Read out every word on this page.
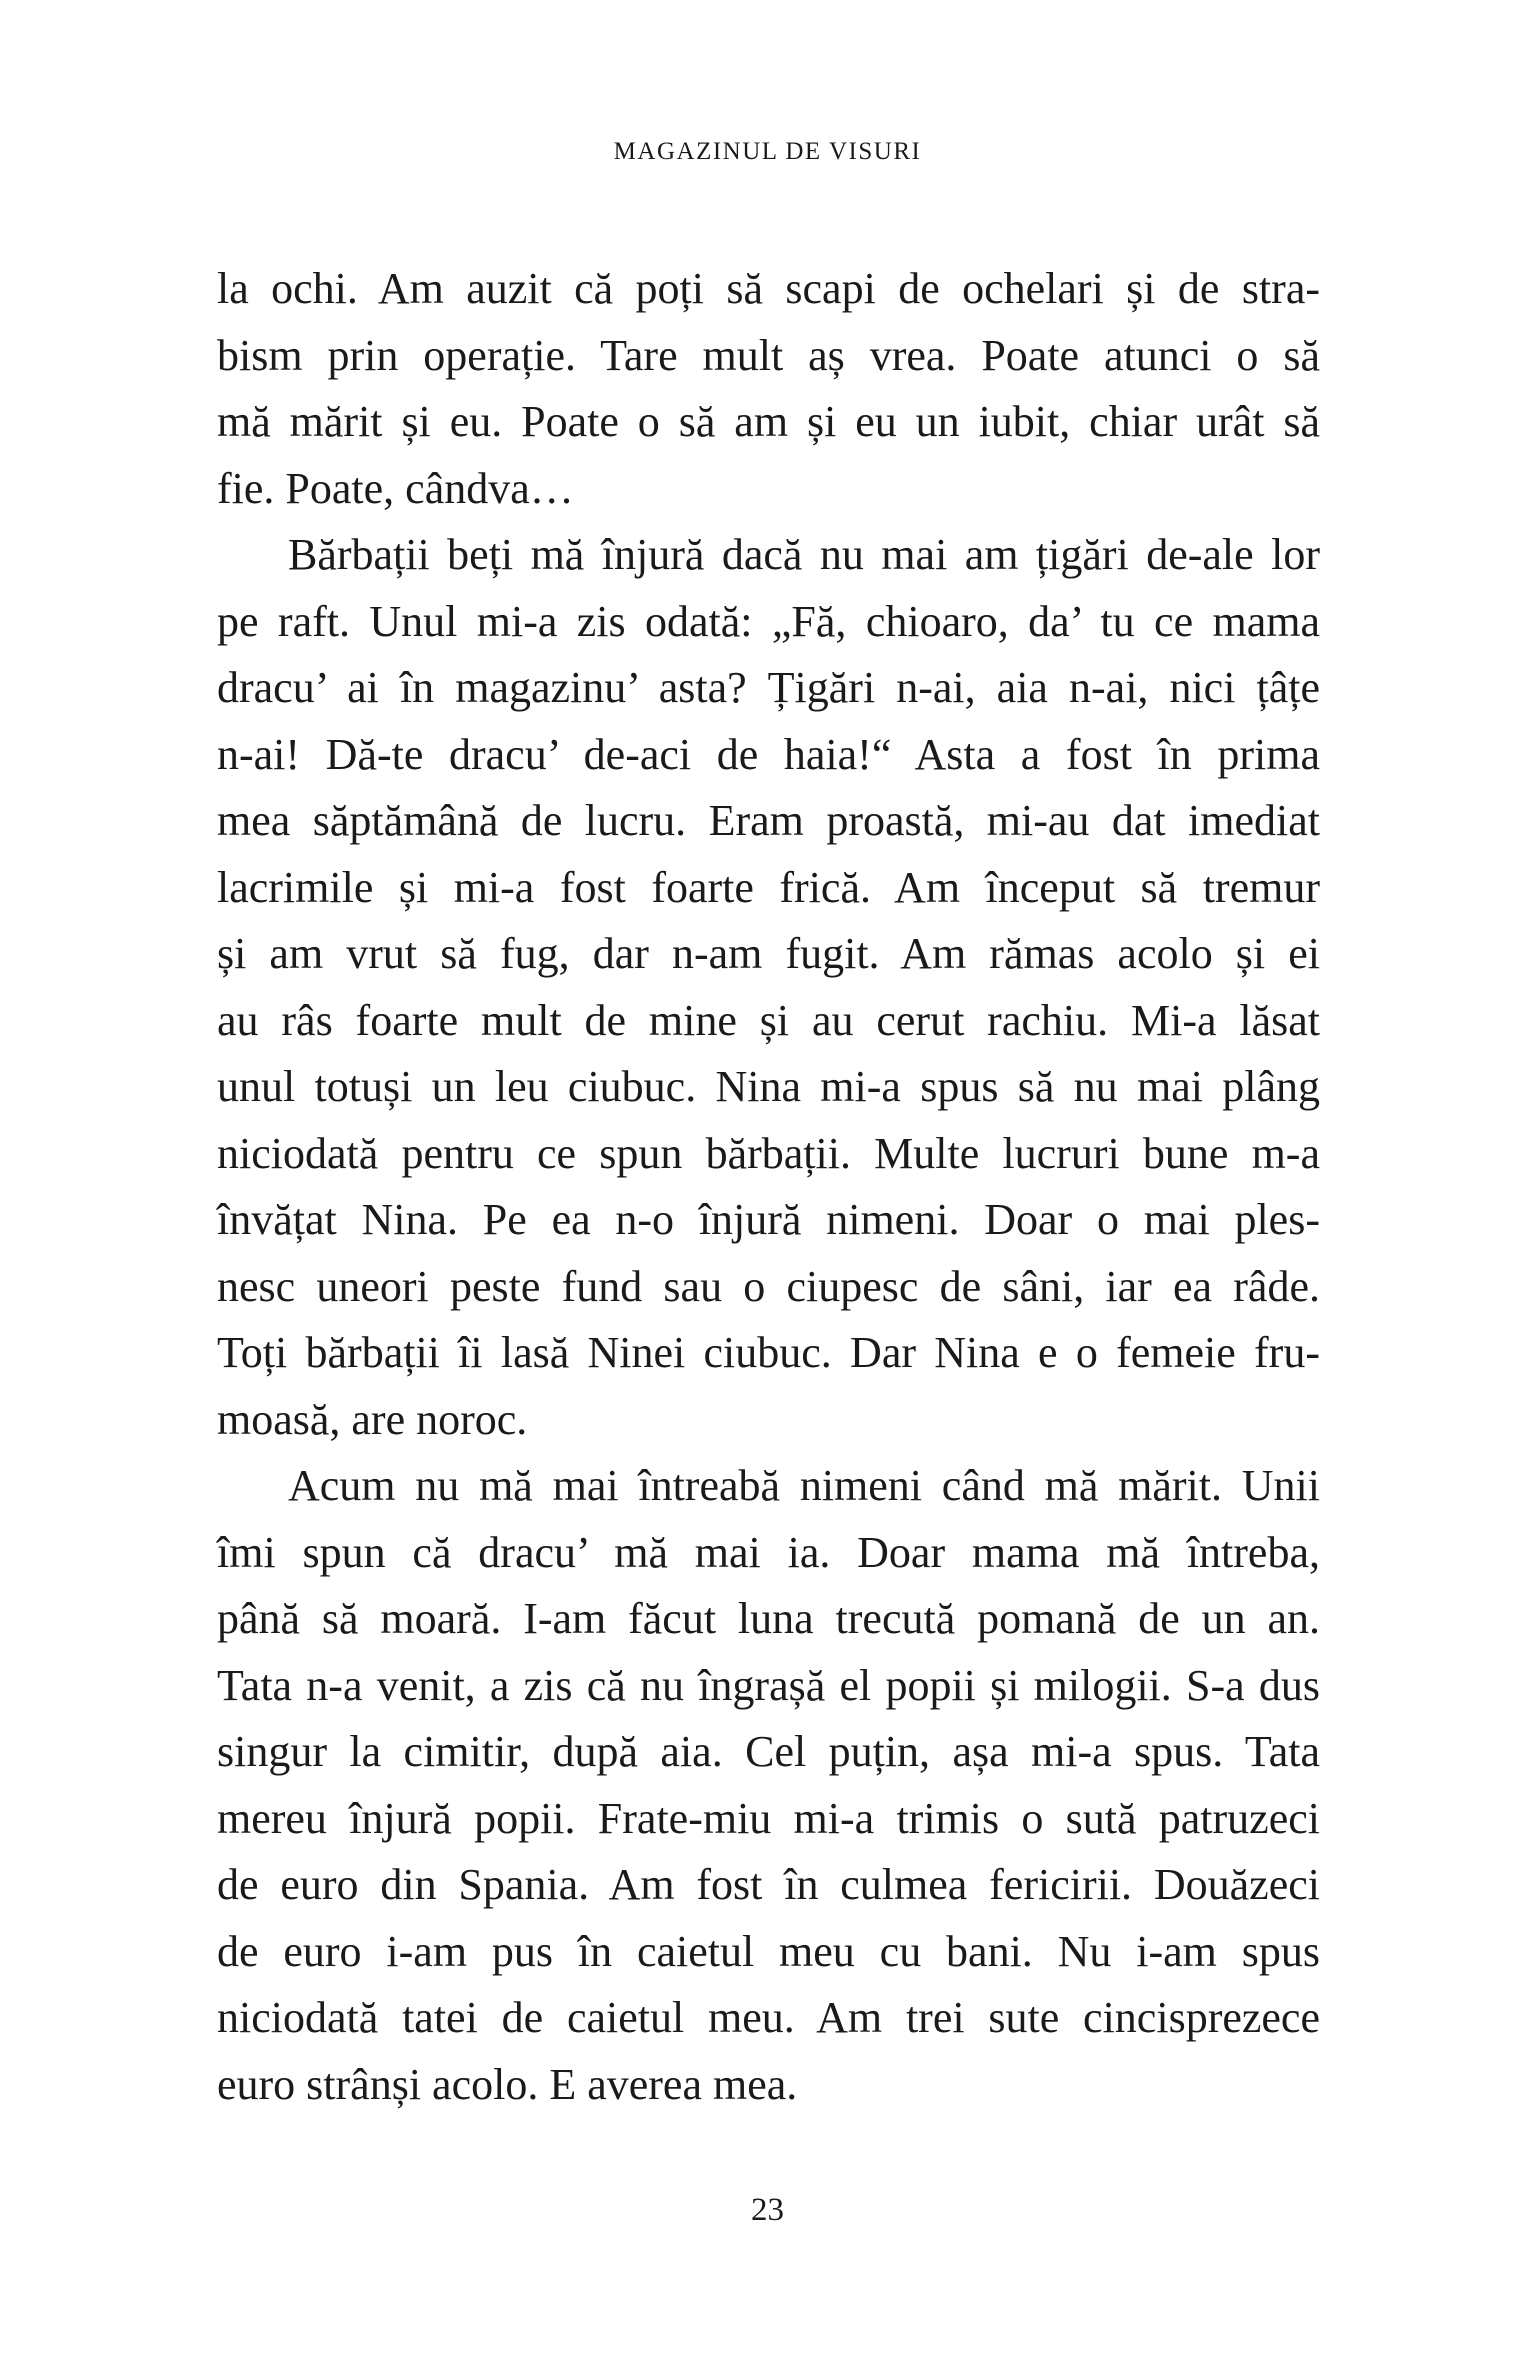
MAGAZINUL DE VISURI
la ochi. Am auzit că poți să scapi de ochelari și de stra-
bism prin operație. Tare mult aș vrea. Poate atunci o să
mă mărit și eu. Poate o să am și eu un iubit, chiar urât să
fie. Poate, cândva…
Bărbații beți mă înjură dacă nu mai am țigări de-ale lor
pe raft. Unul mi-a zis odată: „Fă, chioaro, da’ tu ce mama
dracu’ ai în magazinu’ asta? Țigări n-ai, aia n-ai, nici țâțe
n-ai! Dă-te dracu’ de-aci de haia!“ Asta a fost în prima
mea săptămână de lucru. Eram proastă, mi-au dat imediat
lacrimile și mi-a fost foarte frică. Am început să tremur
și am vrut să fug, dar n-am fugit. Am rămas acolo și ei
au râs foarte mult de mine și au cerut rachiu. Mi-a lăsat
unul totuși un leu ciubuc. Nina mi-a spus să nu mai plâng
niciodată pentru ce spun bărbații. Multe lucruri bune m-a
învățat Nina. Pe ea n-o înjură nimeni. Doar o mai ples-
nesc uneori peste fund sau o ciupesc de sâni, iar ea râde.
Toți bărbații îi lasă Ninei ciubuc. Dar Nina e o femeie fru-
moasă, are noroc.
Acum nu mă mai întreabă nimeni când mă mărit. Unii
îmi spun că dracu’ mă mai ia. Doar mama mă întreba,
până să moară. I-am făcut luna trecută pomană de un an.
Tata n-a venit, a zis că nu îngrașă el popii și milogii. S-a dus
singur la cimitir, după aia. Cel puțin, așa mi-a spus. Tata
mereu înjură popii. Frate-miu mi-a trimis o sută patruzeci
de euro din Spania. Am fost în culmea fericirii. Douăzeci
de euro i-am pus în caietul meu cu bani. Nu i-am spus
niciodată tatei de caietul meu. Am trei sute cincisprezece
euro strânși acolo. E averea mea.
23
